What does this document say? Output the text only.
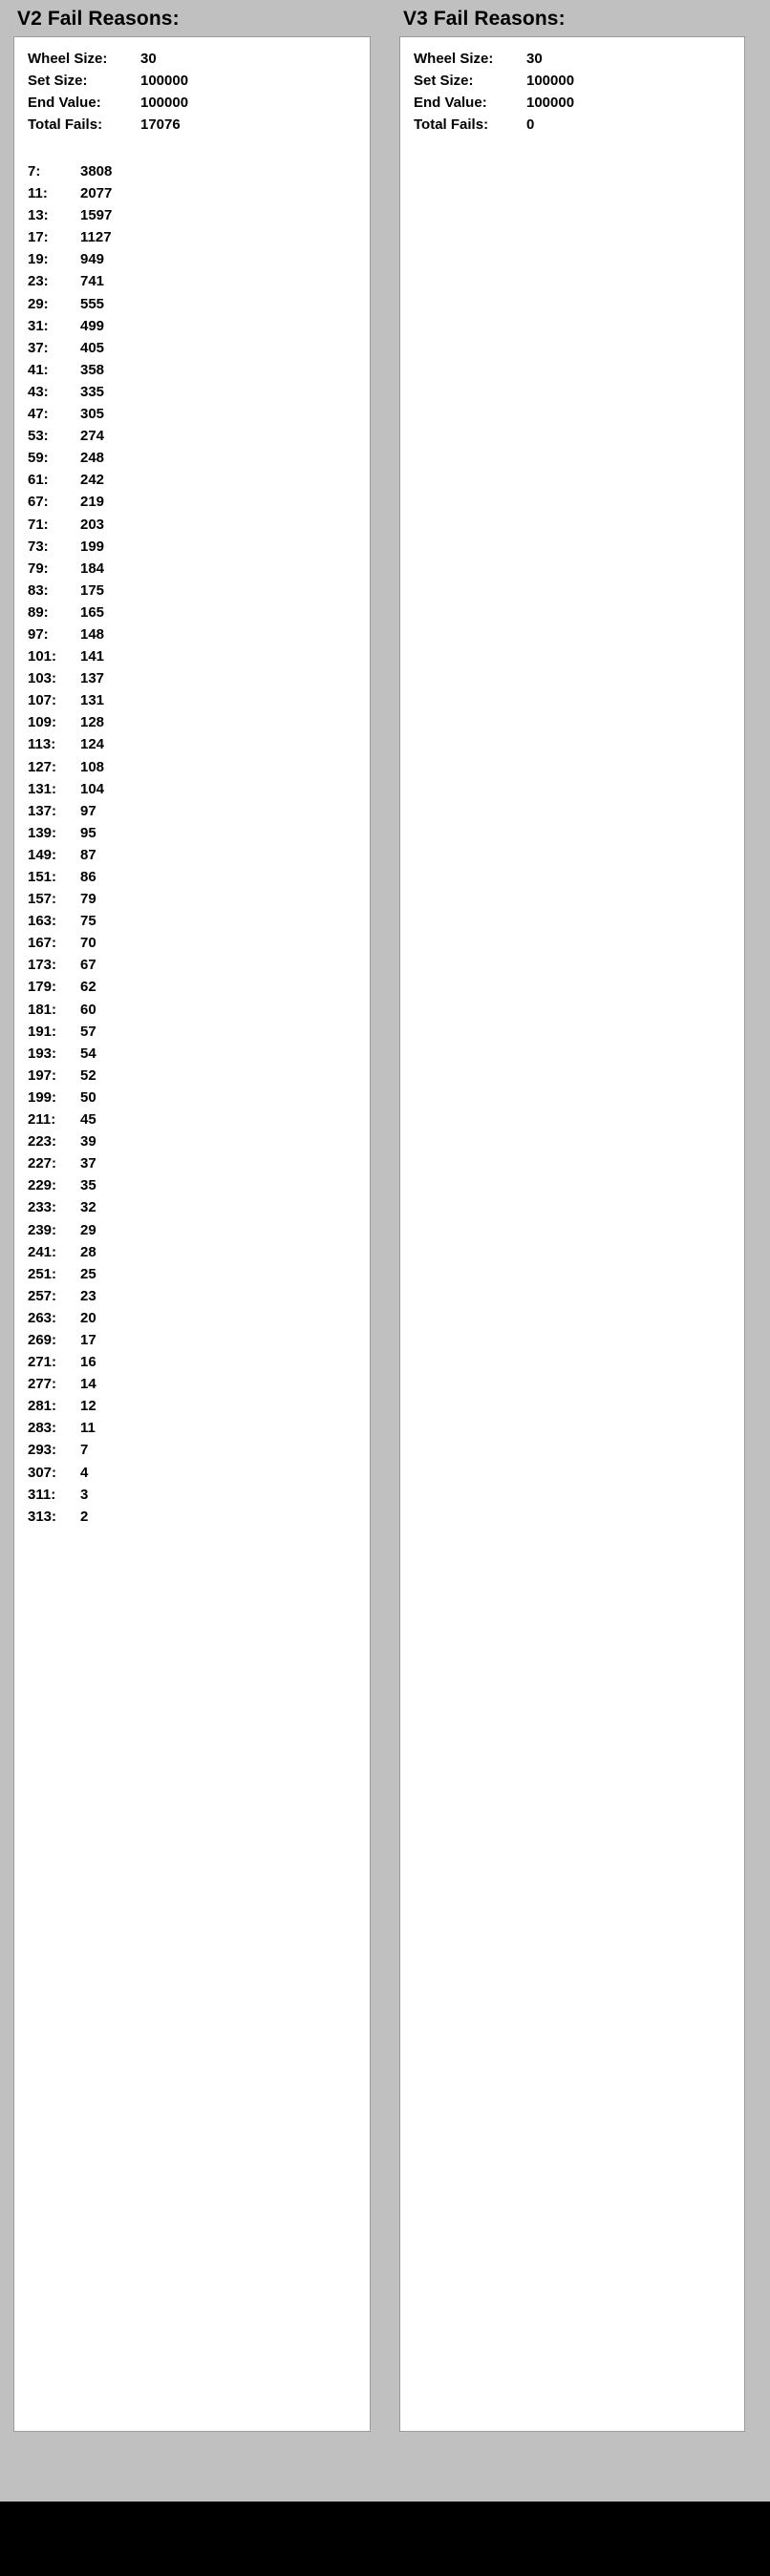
V2 Fail Reasons:
Wheel Size:	30
Set Size:	100000
End Value:	100000
Total Fails:	17076
7:	3808
11:	2077
13:	1597
17:	1127
19:	949
23:	741
29:	555
31:	499
37:	405
41:	358
43:	335
47:	305
53:	274
59:	248
61:	242
67:	219
71:	203
73:	199
79:	184
83:	175
89:	165
97:	148
101:	141
103:	137
107:	131
109:	128
113:	124
127:	108
131:	104
137:	97
139:	95
149:	87
151:	86
157:	79
163:	75
167:	70
173:	67
179:	62
181:	60
191:	57
193:	54
197:	52
199:	50
211:	45
223:	39
227:	37
229:	35
233:	32
239:	29
241:	28
251:	25
257:	23
263:	20
269:	17
271:	16
277:	14
281:	12
283:	11
293:	7
307:	4
311:	3
313:	2
V3 Fail Reasons:
Wheel Size:	30
Set Size:	100000
End Value:	100000
Total Fails:	0
